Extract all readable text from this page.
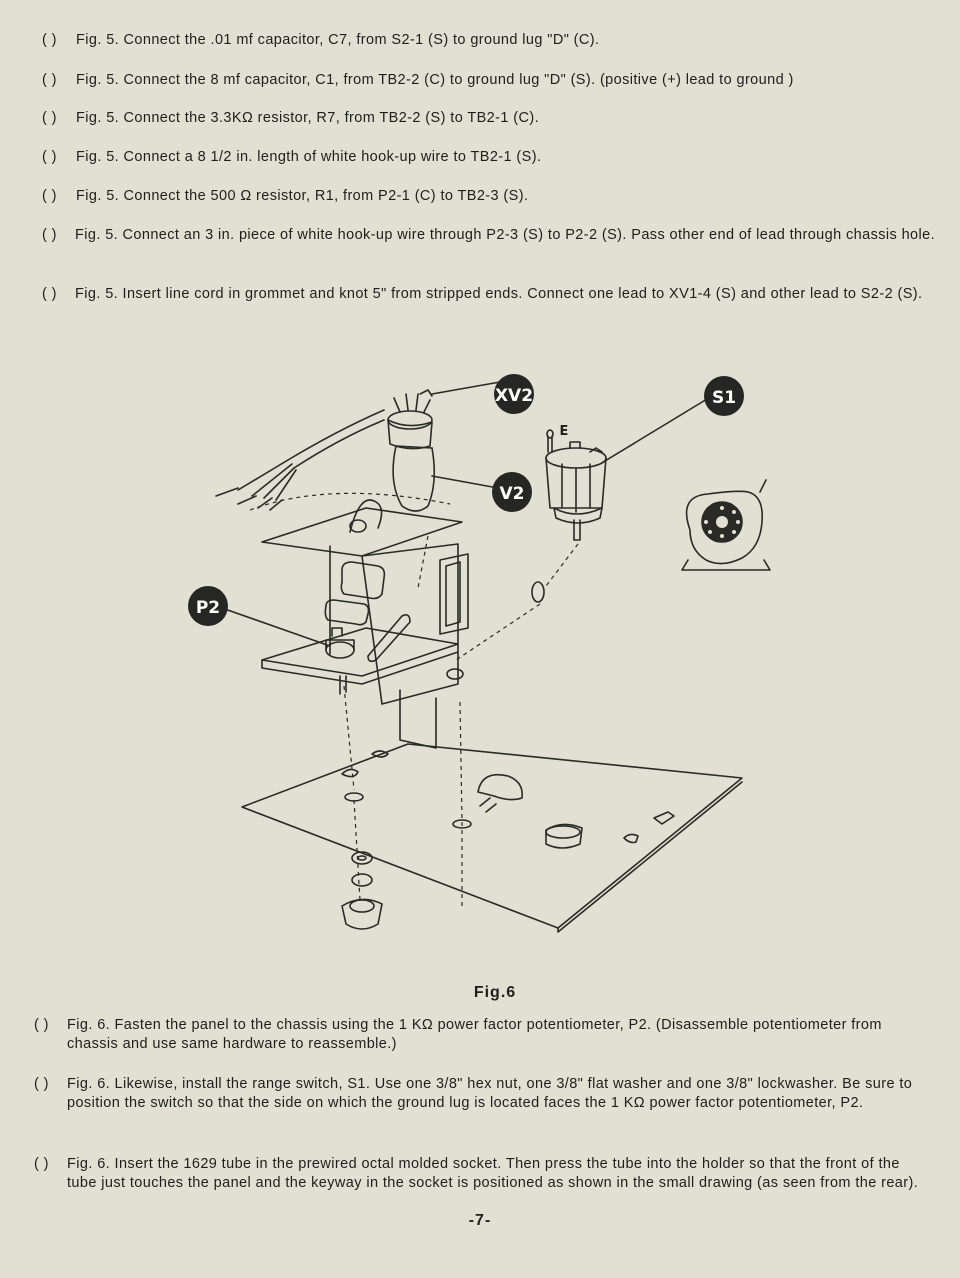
( )	Fig. 5. Connect the .01 mf capacitor, C7, from S2-1 (S) to ground lug "D" (C).
( )	Fig. 5. Connect the 8 mf capacitor, C1, from TB2-2 (C) to ground lug "D" (S). (positive (+) lead to ground )
( )	Fig. 5. Connect the 3.3KΩ resistor, R7, from TB2-2 (S) to TB2-1 (C).
( )	Fig. 5. Connect a 8 1/2 in. length of white hook-up wire to TB2-1 (S).
( )	Fig. 5. Connect the 500 Ω resistor, R1, from P2-1 (C) to TB2-3 (S).
( )	Fig. 5. Connect an 3 in. piece of white hook-up wire through P2-3 (S) to P2-2 (S). Pass other end of lead through chassis hole.
( )	Fig. 5. Insert line cord in grommet and knot 5" from stripped ends. Connect one lead to XV1-4 (S) and other lead to S2-2 (S).
XV2	S1
V2
P2
E
Fig.6
( )	Fig. 6. Fasten the panel to the chassis using the 1 KΩ power factor potentiometer, P2. (Disassemble potentiometer from chassis and use same hardware to reassemble.)
( )	Fig. 6. Likewise, install the range switch, S1. Use one 3/8" hex nut, one 3/8" flat washer and one 3/8" lockwasher. Be sure to position the switch so that the side on which the ground lug is located faces the 1 KΩ power factor potentiometer, P2.
( )	Fig. 6. Insert the 1629 tube in the prewired octal molded socket. Then press the tube into the holder so that the front of the tube just touches the panel and the keyway in the socket is positioned as shown in the small drawing (as seen from the rear).
-7-
